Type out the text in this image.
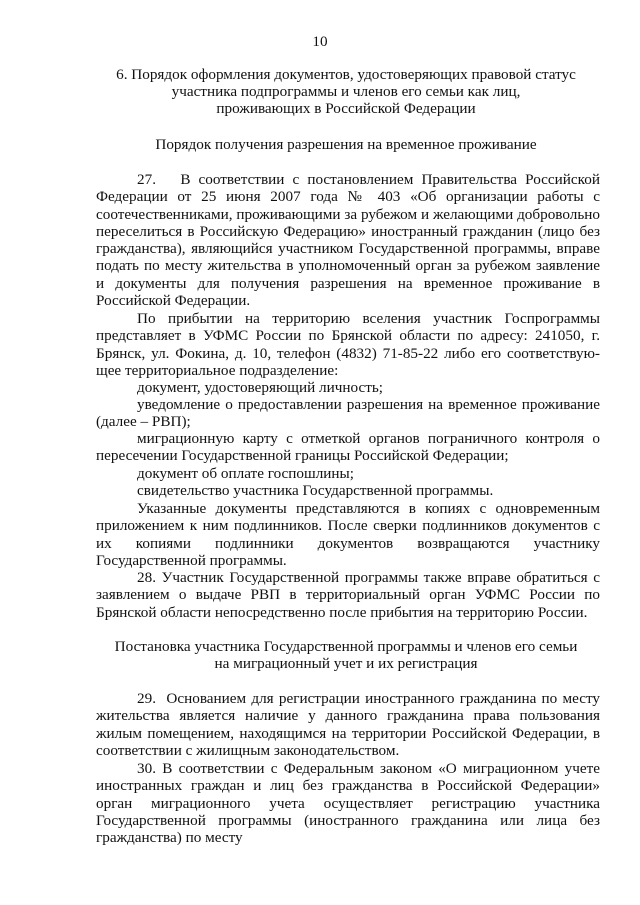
10
6. Порядок оформления документов, удостоверяющих правовой статус
участника подпрограммы и членов его семьи как лиц,
проживающих в Российской Федерации
Порядок получения разрешения на временное проживание
27.   В соответствии с постановлением Правительства Российской Федерации от 25 июня 2007 года № 403 «Об организации работы с соотечественниками, проживающими за рубежом и желающими добровольно переселиться в Российскую Федерацию» иностранный гражданин (лицо без гражданства), являющийся участником Государственной программы, вправе подать по месту жительства в уполномоченный орган за рубежом заявление и документы для получения разрешения на временное проживание в Российской Федерации.
По прибытии на территорию вселения участник Госпрограммы представляет в УФМС России по Брянской области по адресу: 241050, г. Брянск, ул. Фокина, д. 10, телефон (4832) 71-85-22 либо его соответствую-щее территориальное подразделение:
документ, удостоверяющий личность;
уведомление о предоставлении разрешения на временное проживание (далее – РВП);
миграционную карту с отметкой органов пограничного контроля о пересечении Государственной границы Российской Федерации;
документ об оплате госпошлины;
свидетельство участника Государственной программы.
Указанные документы представляются в копиях с одновременным приложением к ним подлинников. После сверки подлинников документов с их копиями подлинники документов возвращаются участнику Государственной программы.
28. Участник Государственной программы также вправе обратиться с заявлением о выдаче РВП в территориальный орган УФМС России по Брянской области непосредственно после прибытия на территорию России.
Постановка участника Государственной программы и членов его семьи
на миграционный учет и их регистрация
29.  Основанием для регистрации иностранного гражданина по месту жительства является наличие у данного гражданина права пользования жилым помещением, находящимся на территории Российской Федерации, в соответствии с жилищным законодательством.
30. В соответствии с Федеральным законом «О миграционном учете иностранных граждан и лиц без гражданства в Российской Федерации» орган миграционного учета осуществляет регистрацию участника Государственной программы (иностранного гражданина или лица без гражданства) по месту
